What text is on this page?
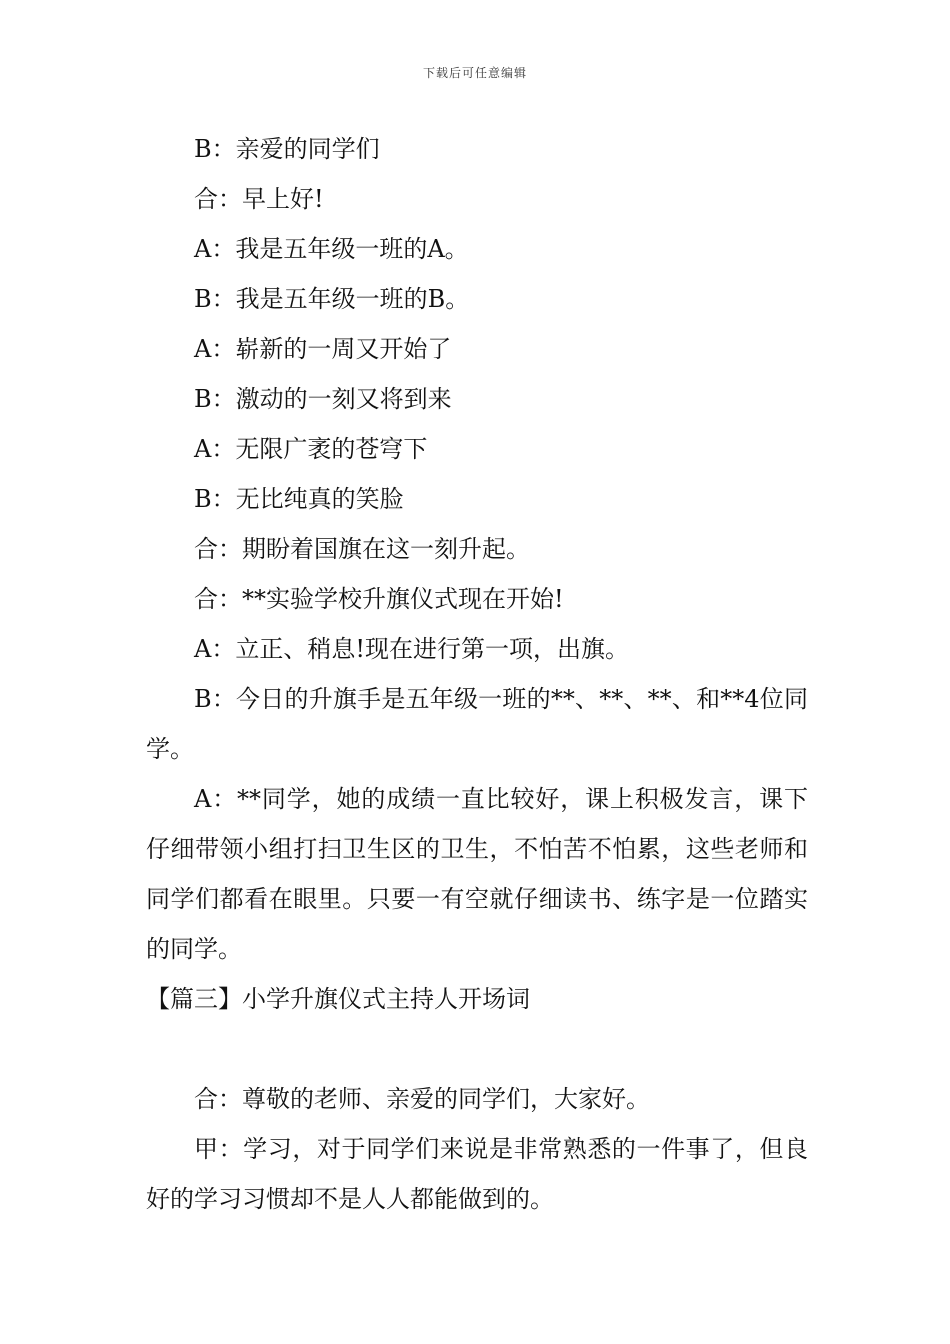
下载后可任意编辑
B：亲爱的同学们
合：早上好!
A：我是五年级一班的A。
B：我是五年级一班的B。
A：崭新的一周又开始了
B：激动的一刻又将到来
A：无限广袤的苍穹下
B：无比纯真的笑脸
合：期盼着国旗在这一刻升起。
合：**实验学校升旗仪式现在开始!
A：立正、稍息!现在进行第一项，出旗。
B：今日的升旗手是五年级一班的**、**、**、和**4位同学。
A：**同学，她的成绩一直比较好，课上积极发言，课下仔细带领小组打扫卫生区的卫生，不怕苦不怕累，这些老师和同学们都看在眼里。只要一有空就仔细读书、练字是一位踏实的同学。
【篇三】小学升旗仪式主持人开场词
合：尊敬的老师、亲爱的同学们，大家好。
甲：学习，对于同学们来说是非常熟悉的一件事了，但良好的学习习惯却不是人人都能做到的。
